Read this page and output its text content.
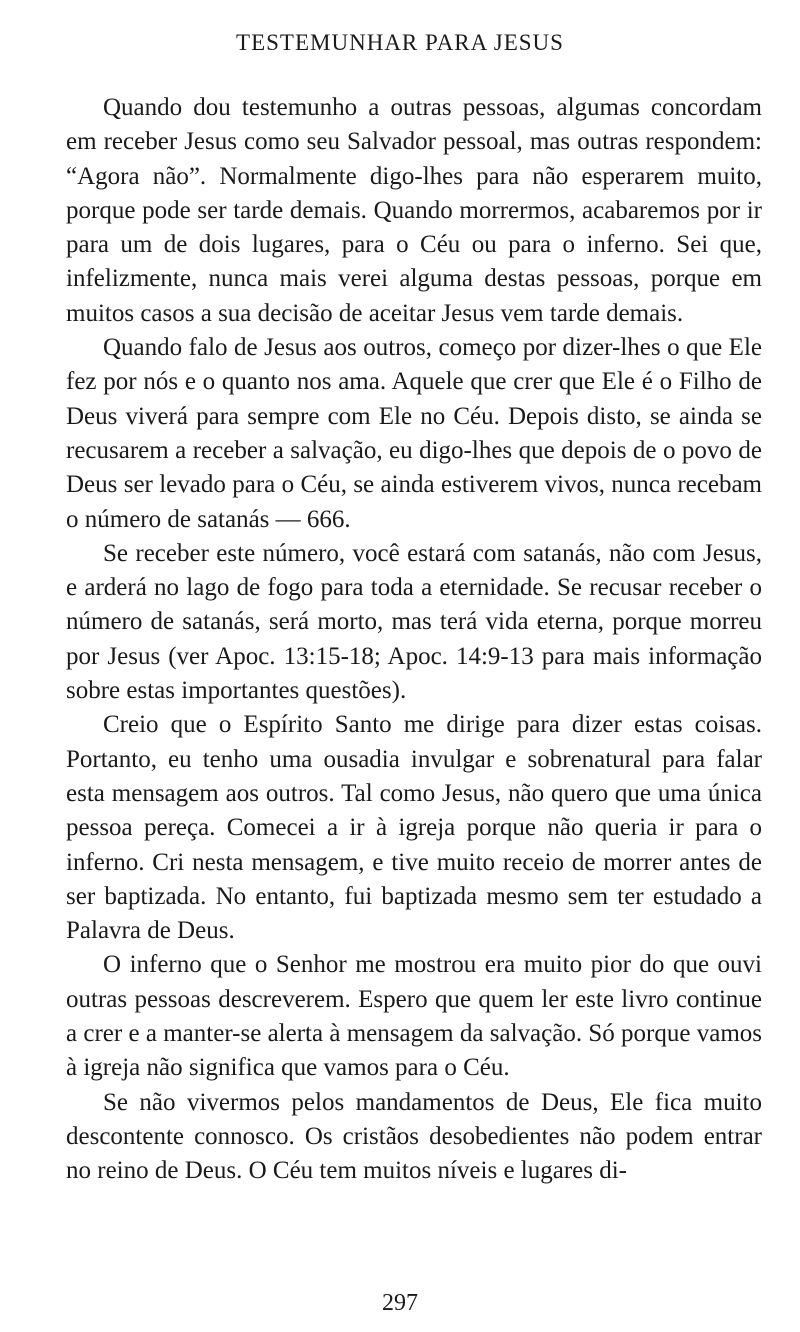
TESTEMUNHAR PARA JESUS

Quando dou testemunho a outras pessoas, algumas concordam em receber Jesus como seu Salvador pessoal, mas outras respondem: “Agora não”. Normalmente digo-lhes para não esperarem muito, porque pode ser tarde demais. Quando morrermos, acabaremos por ir para um de dois lugares, para o Céu ou para o inferno. Sei que, infelizmente, nunca mais verei alguma destas pessoas, porque em muitos casos a sua decisão de aceitar Jesus vem tarde demais.

Quando falo de Jesus aos outros, começo por dizer-lhes o que Ele fez por nós e o quanto nos ama. Aquele que crer que Ele é o Filho de Deus viverá para sempre com Ele no Céu. Depois disto, se ainda se recusarem a receber a salvação, eu digo-lhes que depois de o povo de Deus ser levado para o Céu, se ainda estiverem vivos, nunca recebam o número de satanás — 666.

Se receber este número, você estará com satanás, não com Jesus, e arderá no lago de fogo para toda a eternidade. Se recusar receber o número de satanás, será morto, mas terá vida eterna, porque morreu por Jesus (ver Apoc. 13:15-18; Apoc. 14:9-13 para mais informação sobre estas importantes questões).

Creio que o Espírito Santo me dirige para dizer estas coisas. Portanto, eu tenho uma ousadia invulgar e sobrenatural para falar esta mensagem aos outros. Tal como Jesus, não quero que uma única pessoa pereça. Comecei a ir à igreja porque não queria ir para o inferno. Cri nesta mensagem, e tive muito receio de morrer antes de ser baptizada. No entanto, fui baptizada mesmo sem ter estudado a Palavra de Deus.

O inferno que o Senhor me mostrou era muito pior do que ouvi outras pessoas descreverem. Espero que quem ler este livro continue a crer e a manter-se alerta à mensagem da salvação. Só porque vamos à igreja não significa que vamos para o Céu.

Se não vivermos pelos mandamentos de Deus, Ele fica muito descontente connosco. Os cristãos desobedientes não podem entrar no reino de Deus. O Céu tem muitos níveis e lugares di-

297
